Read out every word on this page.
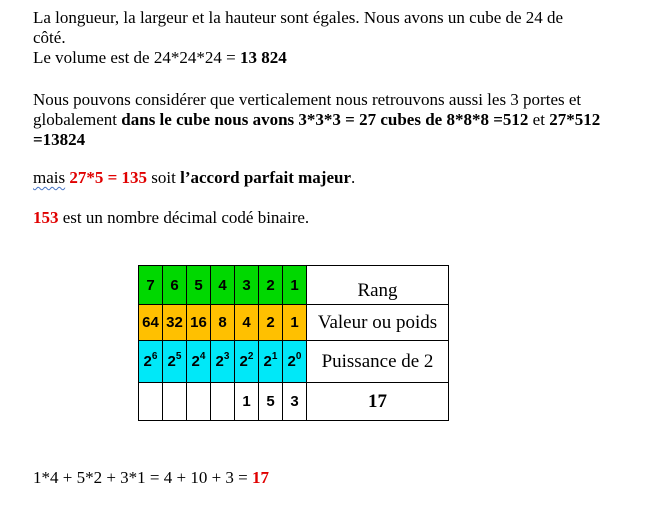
La longueur, la largeur et la hauteur sont égales. Nous avons un cube de 24 de
côté.
Le volume est de 24*24*24 = 13 824
Nous pouvons considérer que verticalement nous retrouvons aussi les 3 portes et globalement dans le cube nous avons 3*3*3 = 27 cubes de 8*8*8 =512 et 27*512 =13824
mais 27*5 = 135 soit l’accord parfait majeur.
153 est un nombre décimal codé binaire.
7	6	5	4	3	2	1	Rang
64	32	16	8	4	2	1	Valeur ou poids
$2^6$	$2^5$	$2^4$	$2^3$	$2^2$	$2^1$	$2^0$	Puissance de 2
				1	5	3	17
1*4 + 5*2 + 3*1 = 4 + 10 + 3 = 17
